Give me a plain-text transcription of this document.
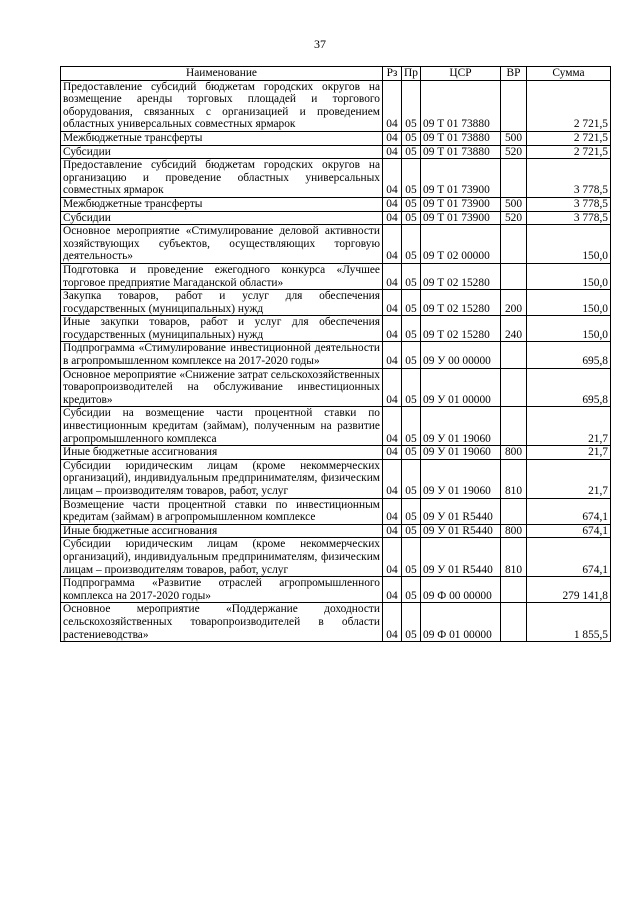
37
Наименование	Рз	Пр	ЦСР	ВР	Сумма
Предоставление субсидий бюджетам городских округов на возмещение аренды торговых площадей и торгового оборудования, связанных с организацией и проведением областных универсальных совместных ярмарок	04	05	09 Т 01 73880		2 721,5
Межбюджетные трансферты	04	05	09 Т 01 73880	500	2 721,5
Субсидии	04	05	09 Т 01 73880	520	2 721,5
Предоставление субсидий бюджетам городских округов на организацию и проведение областных универсальных совместных ярмарок	04	05	09 Т 01 73900		3 778,5
Межбюджетные трансферты	04	05	09 Т 01 73900	500	3 778,5
Субсидии	04	05	09 Т 01 73900	520	3 778,5
Основное мероприятие «Стимулирование деловой активности хозяйствующих субъектов, осуществляющих торговую деятельность»	04	05	09 Т 02 00000		150,0
Подготовка и проведение ежегодного конкурса «Лучшее торговое предприятие Магаданской области»	04	05	09 Т 02 15280		150,0
Закупка товаров, работ и услуг для обеспечения государственных (муниципальных) нужд	04	05	09 Т 02 15280	200	150,0
Иные закупки товаров, работ и услуг для обеспечения государственных (муниципальных) нужд	04	05	09 Т 02 15280	240	150,0
Подпрограмма «Стимулирование инвестиционной деятельности в агропромышленном комплексе на 2017-2020 годы»	04	05	09 У 00 00000		695,8
Основное мероприятие «Снижение затрат сельскохозяйственных товаропроизводителей на обслуживание инвестиционных кредитов»	04	05	09 У 01 00000		695,8
Субсидии на возмещение части процентной ставки по инвестиционным кредитам (займам), полученным на развитие агропромышленного комплекса	04	05	09 У 01 19060		21,7
Иные бюджетные ассигнования	04	05	09 У 01 19060	800	21,7
Субсидии юридическим лицам (кроме некоммерческих организаций), индивидуальным предпринимателям, физическим лицам – производителям товаров, работ, услуг	04	05	09 У 01 19060	810	21,7
Возмещение части процентной ставки по инвестиционным кредитам (займам) в агропромышленном комплексе	04	05	09 У 01 R5440		674,1
Иные бюджетные ассигнования	04	05	09 У 01 R5440	800	674,1
Субсидии юридическим лицам (кроме некоммерческих организаций), индивидуальным предпринимателям, физическим лицам – производителям товаров, работ, услуг	04	05	09 У 01 R5440	810	674,1
Подпрограмма «Развитие отраслей агропромышленного комплекса на 2017-2020 годы»	04	05	09 Ф 00 00000		279 141,8
Основное мероприятие «Поддержание доходности сельскохозяйственных товаропроизводителей в области растениеводства»	04	05	09 Ф 01 00000		1 855,5
